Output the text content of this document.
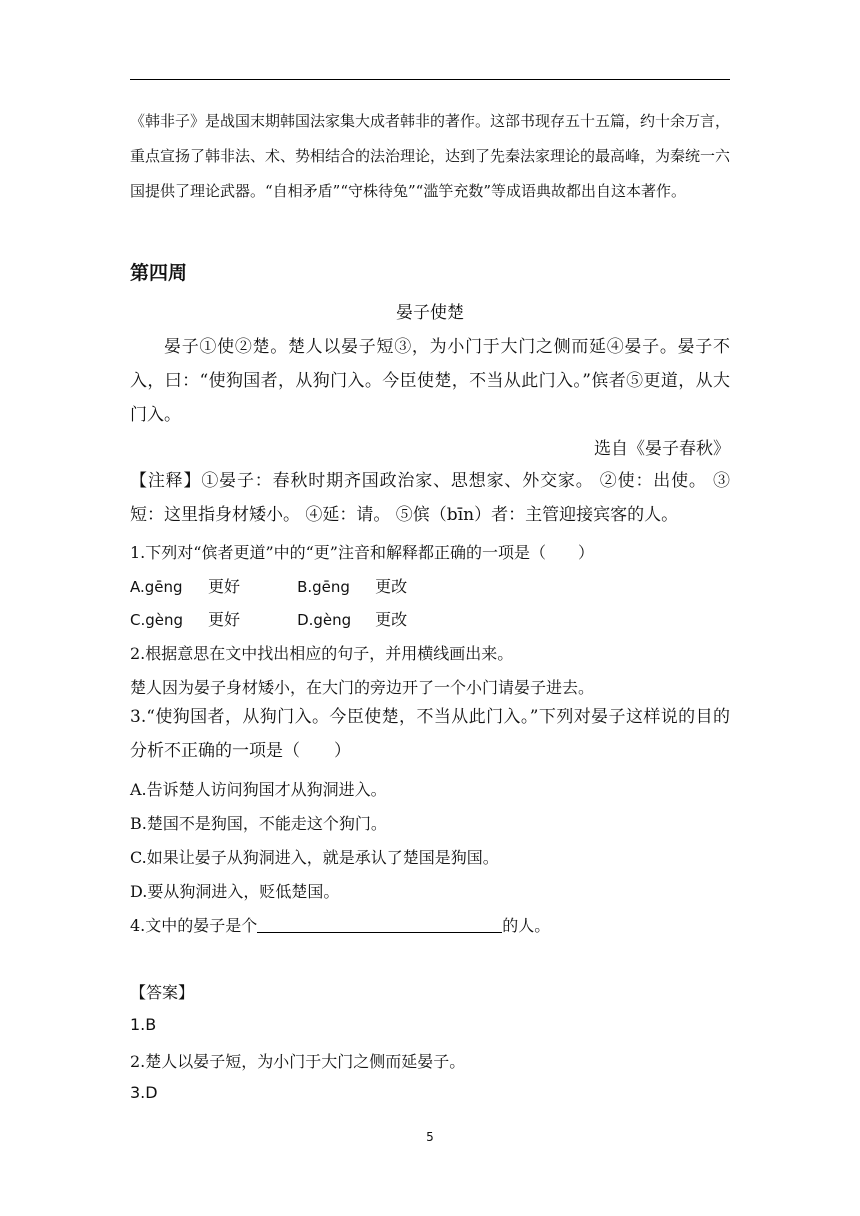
《韩非子》是战国末期韩国法家集大成者韩非的著作。这部书现存五十五篇，约十余万言，重点宣扬了韩非法、术、势相结合的法治理论，达到了先秦法家理论的最高峰，为秦统一六国提供了理论武器。“自相矛盾”“守株待兔”“滥竽充数”等成语典故都出自这本著作。

第四周
晏子使楚

晏子①使②楚。楚人以晏子短③，为小门于大门之侧而延④晏子。晏子不入，曰：“使狗国者，从狗门入。今臣使楚，不当从此门入。”傧者⑤更道，从大门入。

选自《晏子春秋》

【注释】①晏子：春秋时期齐国政治家、思想家、外交家。 ②使：出使。 ③短：这里指身材矮小。 ④延：请。 ⑤傧（bīn）者：主管迎接宾客的人。

1.下列对“傧者更道”中的“更”注音和解释都正确的一项是（　　）
A.gēng 更好	B.gēng 更改
C.gèng 更好	D.gèng 更改
2.根据意思在文中找出相应的句子，并用横线画出来。
楚人因为晏子身材矮小，在大门的旁边开了一个小门请晏子进去。
3.“使狗国者，从狗门入。今臣使楚，不当从此门入。”下列对晏子这样说的目的分析不正确的一项是（　　）
A.告诉楚人访问狗国才从狗洞进入。
B.楚国不是狗国，不能走这个狗门。
C.如果让晏子从狗洞进入，就是承认了楚国是狗国。
D.要从狗洞进入，贬低楚国。
4.文中的晏子是个	的人。
【答案】
1.B
2.楚人以晏子短，为小门于大门之侧而延晏子。
3.D
5
